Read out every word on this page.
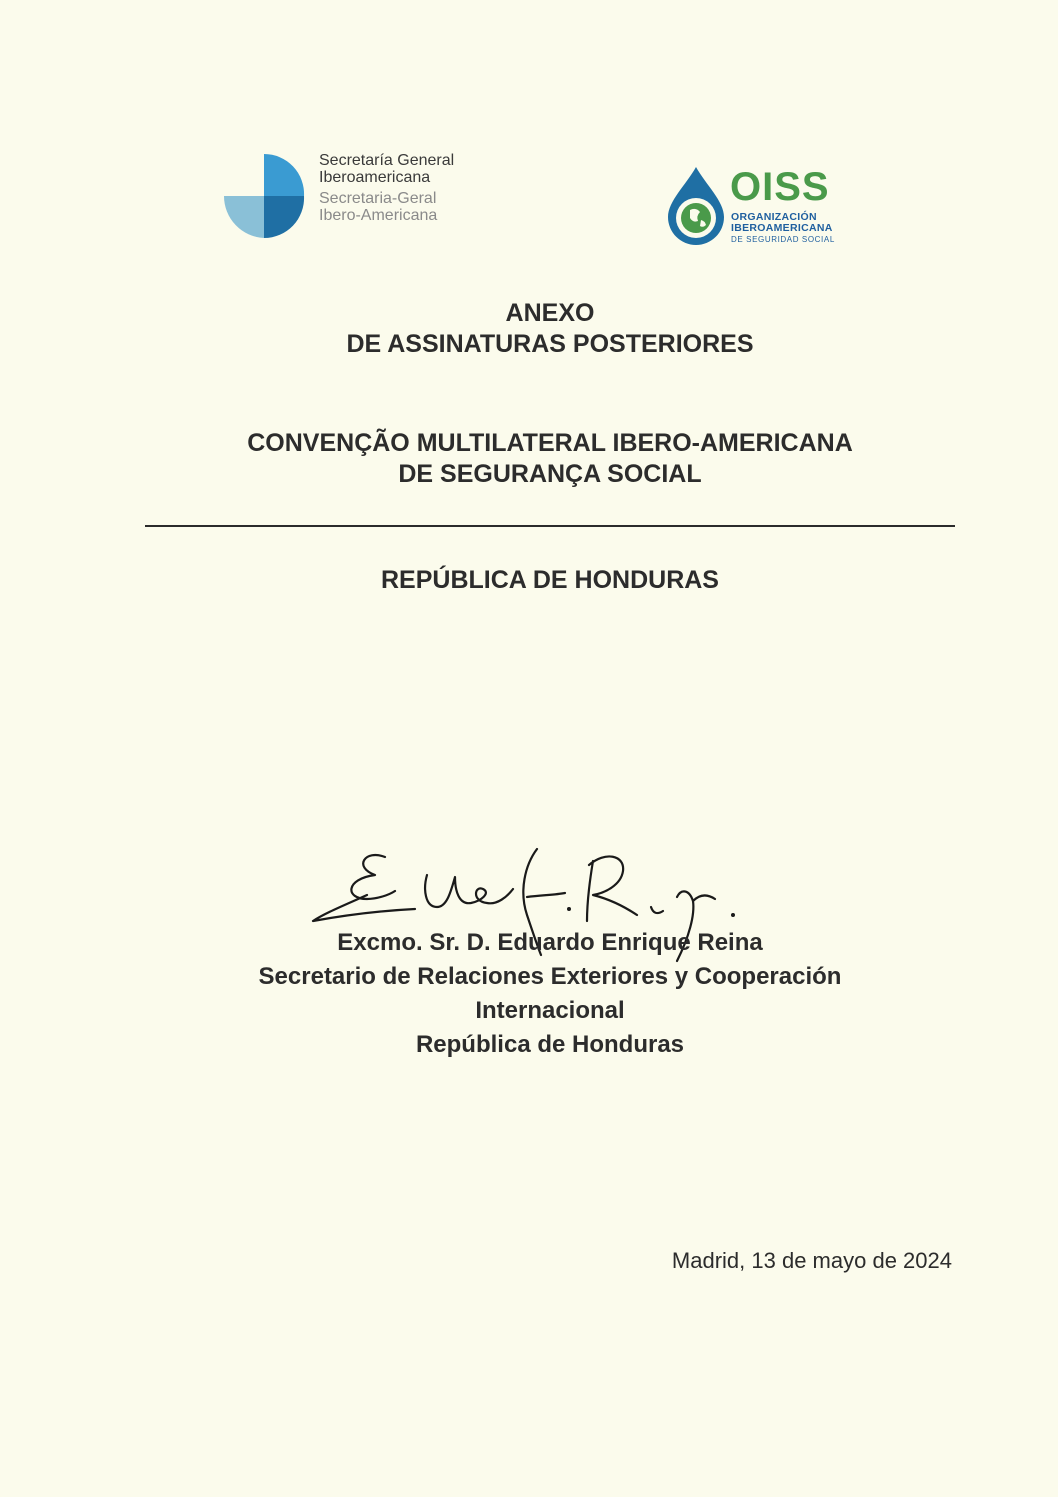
Secretaría General
Iberoamericana
Secretaria-Geral
Ibero-Americana
OISS
ORGANIZACIÓN
IBEROAMERICANA
DE SEGURIDAD SOCIAL
ANEXO
DE ASSINATURAS POSTERIORES
CONVENÇÃO MULTILATERAL IBERO-AMERICANA
DE SEGURANÇA SOCIAL
REPÚBLICA DE HONDURAS
Excmo. Sr. D. Eduardo Enrique Reina
Secretario de Relaciones Exteriores y Cooperación
Internacional
República de Honduras
Madrid, 13 de mayo de 2024
